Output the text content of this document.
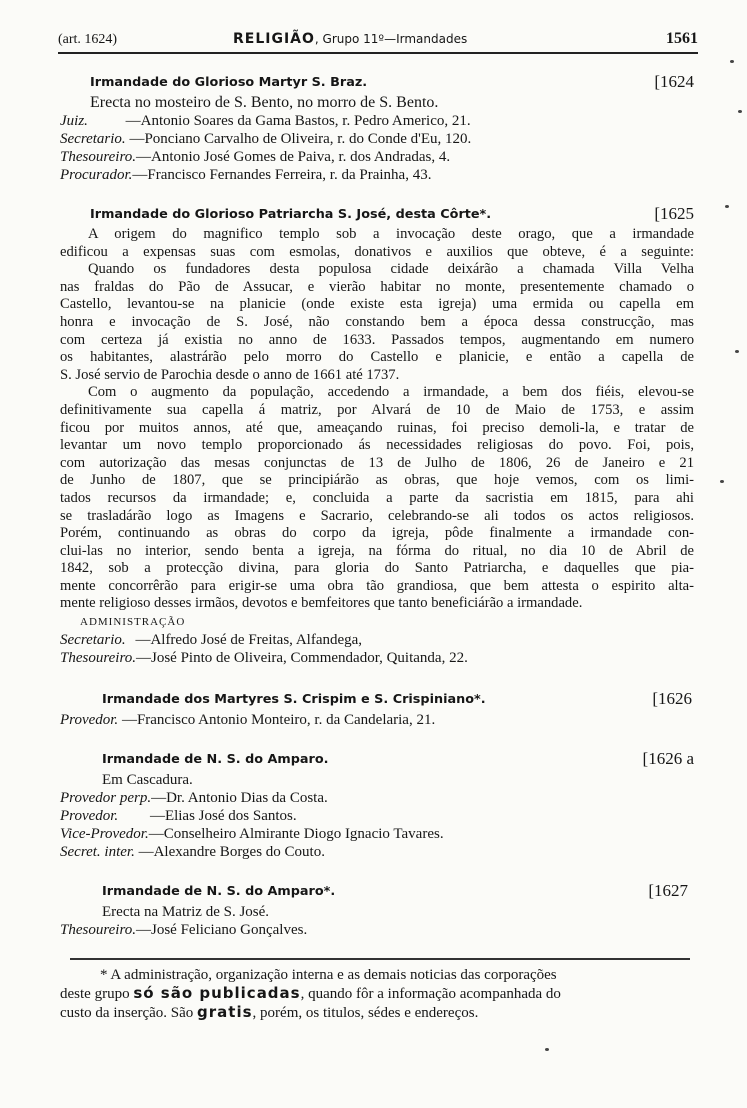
(art. 1624)	RELIGIÃO, Grupo 11º—Irmandades	1561
Irmandade do Glorioso Martyr S. Braz.	[1624
Erecta no mosteiro de S. Bento, no morro de S. Bento.
Juiz.	—Antonio Soares da Gama Bastos, r. Pedro Americo, 21.
Secretario. —Ponciano Carvalho de Oliveira, r. do Conde d'Eu, 120.
Thesoureiro.—Antonio José Gomes de Paiva, r. dos Andradas, 4.
Procurador.—Francisco Fernandes Ferreira, r. da Prainha, 43.
Irmandade do Glorioso Patriarcha S. José, desta Côrte*.	[1625
A origem do magnifico templo sob a invocação deste orago, que a irmandade
edificou a expensas suas com esmolas, donativos e auxilios que obteve, é a seguinte:
Quando os fundadores desta populosa cidade deixárão a chamada Villa Velha
nas fraldas do Pão de Assucar, e vierão habitar no monte, presentemente chamado o
Castello, levantou-se na planicie (onde existe esta igreja) uma ermida ou capella em
honra e invocação de S. José, não constando bem a época dessa construcção, mas
com certeza já existia no anno de 1633. Passados tempos, augmentando em numero
os habitantes, alastrárão pelo morro do Castello e planicie, e então a capella de
S. José servio de Parochia desde o anno de 1661 até 1737.
Com o augmento da população, accedendo a irmandade, a bem dos fiéis, elevou-se
definitivamente sua capella á matriz, por Alvará de 10 de Maio de 1753, e assim
ficou por muitos annos, até que, ameaçando ruinas, foi preciso demoli-la, e tratar de
levantar um novo templo proporcionado ás necessidades religiosas do povo. Foi, pois,
com autorização das mesas conjunctas de 13 de Julho de 1806, 26 de Janeiro e 21
de Junho de 1807, que se principiárão as obras, que hoje vemos, com os limi-
tados recursos da irmandade; e, concluida a parte da sacristia em 1815, para ahi
se trasladárão logo as Imagens e Sacrario, celebrando-se ali todos os actos religiosos.
Porém, continuando as obras do corpo da igreja, pôde finalmente a irmandade con-
clui-las no interior, sendo benta a igreja, na fórma do ritual, no dia 10 de Abril de
1842, sob a protecção divina, para gloria do Santo Patriarcha, e daquelles que pia-
mente concorrêrão para erigir-se uma obra tão grandiosa, que bem attesta o espirito alta-
mente religioso desses irmãos, devotos e bemfeitores que tanto beneficiárão a irmandade.
ADMINISTRAÇÃO
Secretario. —Alfredo José de Freitas, Alfandega,
Thesoureiro.—José Pinto de Oliveira, Commendador, Quitanda, 22.
Irmandade dos Martyres S. Crispim e S. Crispiniano*.	[1626
Provedor. —Francisco Antonio Monteiro, r. da Candelaria, 21.
Irmandade de N. S. do Amparo.	[1626 a
Em Cascadura.
Provedor perp.—Dr. Antonio Dias da Costa.
Provedor. —Elias José dos Santos.
Vice-Provedor.—Conselheiro Almirante Diogo Ignacio Tavares.
Secret. inter. —Alexandre Borges do Couto.
Irmandade de N. S. do Amparo*.	[1627
Erecta na Matriz de S. José.
Thesoureiro.—José Feliciano Gonçalves.
* A administração, organização interna e as demais noticias das corporações
deste grupo só são publicadas, quando fôr a informação acompanhada do
custo da inserção. São gratis, porém, os titulos, sédes e endereços.
